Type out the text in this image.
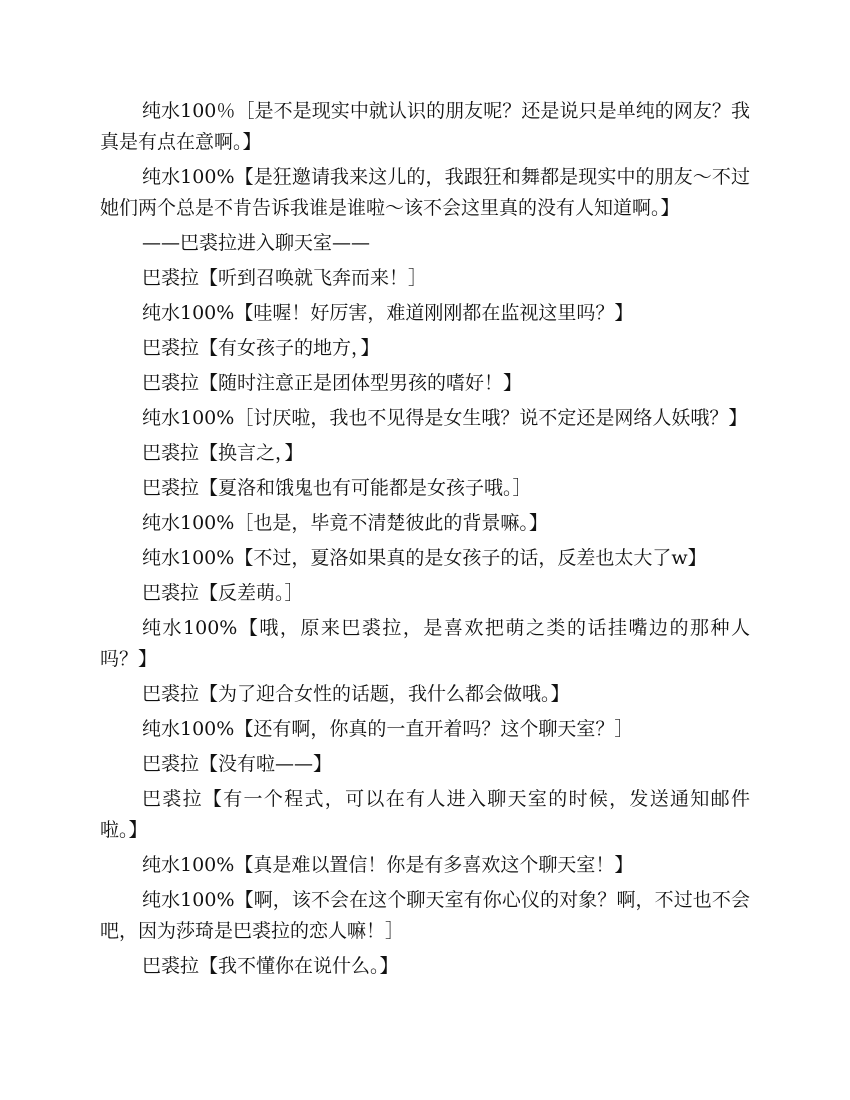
纯水100％［是不是现实中就认识的朋友呢？还是说只是单纯的网友？我真是有点在意啊。】

纯水100%【是狂邀请我来这儿的，我跟狂和舞都是现实中的朋友～不过她们两个总是不肯告诉我谁是谁啦～该不会这里真的没有人知道啊。】

——巴裘拉进入聊天室——

巴裘拉【听到召唤就飞奔而来！］

纯水100%【哇喔！好厉害，难道刚刚都在监视这里吗？】

巴裘拉【有女孩子的地方，】

巴裘拉【随时注意正是团体型男孩的嗜好！】

纯水100%［讨厌啦，我也不见得是女生哦？说不定还是网络人妖哦？】

巴裘拉【换言之，】

巴裘拉【夏洛和饿鬼也有可能都是女孩子哦。］

纯水100%［也是，毕竟不清楚彼此的背景嘛。】

纯水100%【不过，夏洛如果真的是女孩子的话，反差也太大了w】

巴裘拉【反差萌。］

纯水100%【哦，原来巴裘拉，是喜欢把萌之类的话挂嘴边的那种人吗？】

巴裘拉【为了迎合女性的话题，我什么都会做哦。】

纯水100%【还有啊，你真的一直开着吗？这个聊天室？］

巴裘拉【没有啦——】

巴裘拉【有一个程式，可以在有人进入聊天室的时候，发送通知邮件啦。】

纯水100%【真是难以置信！你是有多喜欢这个聊天室！】

纯水100%【啊，该不会在这个聊天室有你心仪的对象？啊，不过也不会吧，因为莎琦是巴裘拉的恋人嘛！］

巴裘拉【我不懂你在说什么。】
